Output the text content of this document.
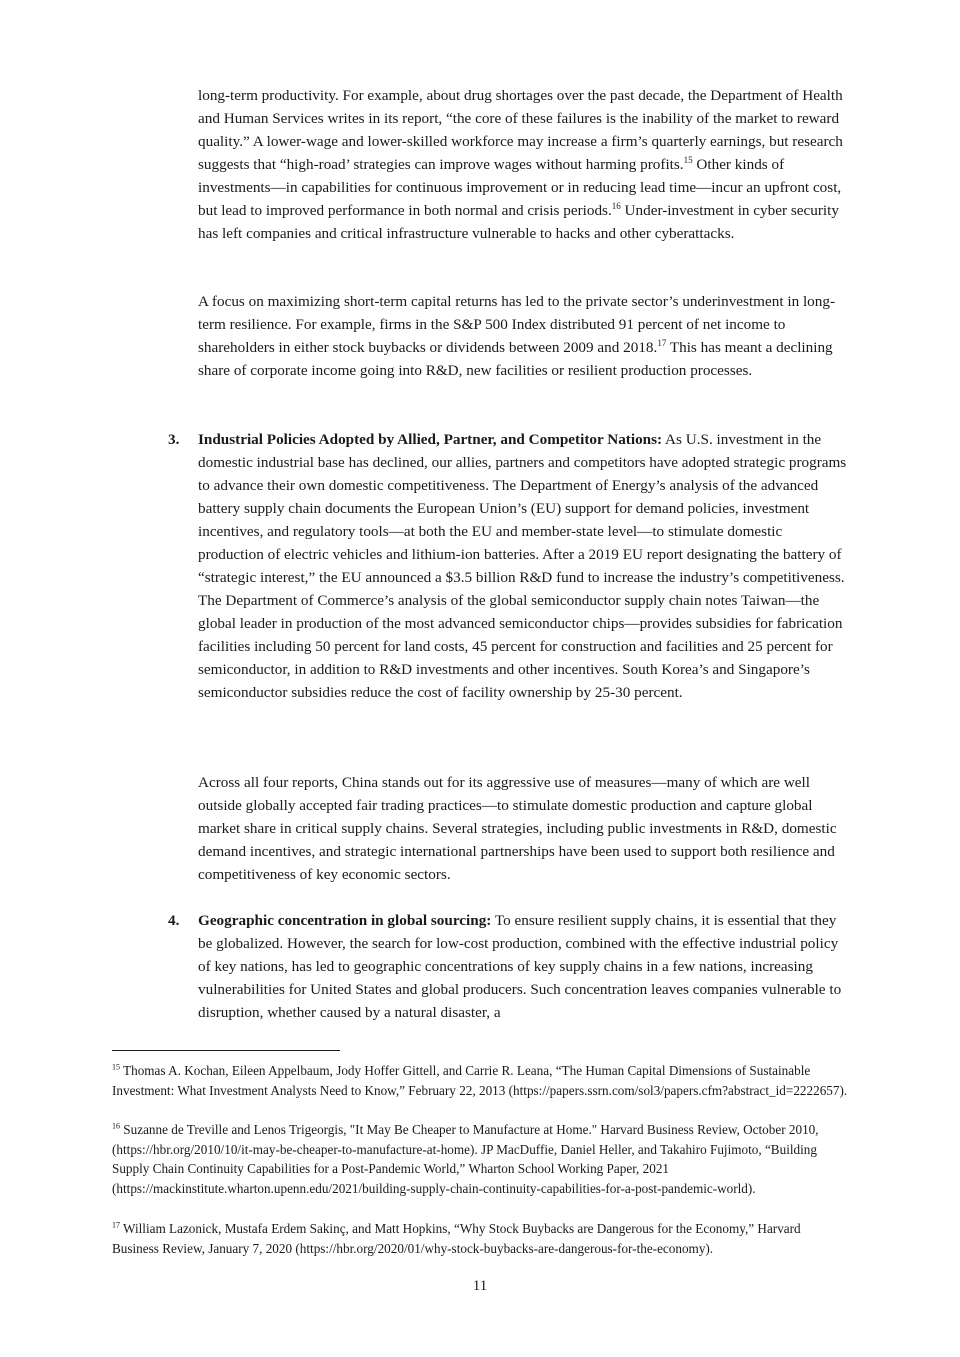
long-term productivity. For example, about drug shortages over the past decade, the Department of Health and Human Services writes in its report, “the core of these failures is the inability of the market to reward quality.” A lower-wage and lower-skilled workforce may increase a firm’s quarterly earnings, but research suggests that “high-road’ strategies can improve wages without harming profits.$^{15}$ Other kinds of investments—in capabilities for continuous improvement or in reducing lead time—incur an upfront cost, but lead to improved performance in both normal and crisis periods.$^{16}$ Under-investment in cyber security has left companies and critical infrastructure vulnerable to hacks and other cyberattacks.

A focus on maximizing short-term capital returns has led to the private sector’s underinvestment in long-term resilience. For example, firms in the S&P 500 Index distributed 91 percent of net income to shareholders in either stock buybacks or dividends between 2009 and 2018.17 This has meant a declining share of corporate income going into R&D, new facilities or resilient production processes.

3. Industrial Policies Adopted by Allied, Partner, and Competitor Nations: As U.S. investment in the domestic industrial base has declined, our allies, partners and competitors have adopted strategic programs to advance their own domestic competitiveness. The Department of Energy’s analysis of the advanced battery supply chain documents the European Union’s (EU) support for demand policies, investment incentives, and regulatory tools—at both the EU and member-state level—to stimulate domestic production of electric vehicles and lithium-ion batteries. After a 2019 EU report designating the battery of “strategic interest,” the EU announced a $3.5 billion R&D fund to increase the industry’s competitiveness. The Department of Commerce’s analysis of the global semiconductor supply chain notes Taiwan—the global leader in production of the most advanced semiconductor chips—provides subsidies for fabrication facilities including 50 percent for land costs, 45 percent for construction and facilities and 25 percent for semiconductor, in addition to R&D investments and other incentives. South Korea’s and Singapore’s semiconductor subsidies reduce the cost of facility ownership by 25-30 percent.

Across all four reports, China stands out for its aggressive use of measures—many of which are well outside globally accepted fair trading practices—to stimulate domestic production and capture global market share in critical supply chains. Several strategies, including public investments in R&D, domestic demand incentives, and strategic international partnerships have been used to support both resilience and competitiveness of key economic sectors.

4. Geographic concentration in global sourcing: To ensure resilient supply chains, it is essential that they be globalized. However, the search for low-cost production, combined with the effective industrial policy of key nations, has led to geographic concentrations of key supply chains in a few nations, increasing vulnerabilities for United States and global producers. Such concentration leaves companies vulnerable to disruption, whether caused by a natural disaster, a

$^{15}$ Thomas A. Kochan, Eileen Appelbaum, Jody Hoffer Gittell, and Carrie R. Leana, “The Human Capital Dimensions of Sustainable Investment: What Investment Analysts Need to Know,” February 22, 2013 (https://papers.ssrn.com/sol3/papers.cfm?abstract_id=2222657).

$^{16}$ Suzanne de Treville and Lenos Trigeorgis, "It May Be Cheaper to Manufacture at Home." Harvard Business Review, October 2010, (https://hbr.org/2010/10/it-may-be-cheaper-to-manufacture-at-home). JP MacDuffie, Daniel Heller, and Takahiro Fujimoto, “Building Supply Chain Continuity Capabilities for a Post-Pandemic World,” Wharton School Working Paper, 2021 (https://mackinstitute.wharton.upenn.edu/2021/building-supply-chain-continuity-capabilities-for-a-post-pandemic-world).

$^{17}$ William Lazonick, Mustafa Erdem Sakinç, and Matt Hopkins, “Why Stock Buybacks are Dangerous for the Economy,” Harvard Business Review, January 7, 2020 (https://hbr.org/2020/01/why-stock-buybacks-are-dangerous-for-the-economy).

11
